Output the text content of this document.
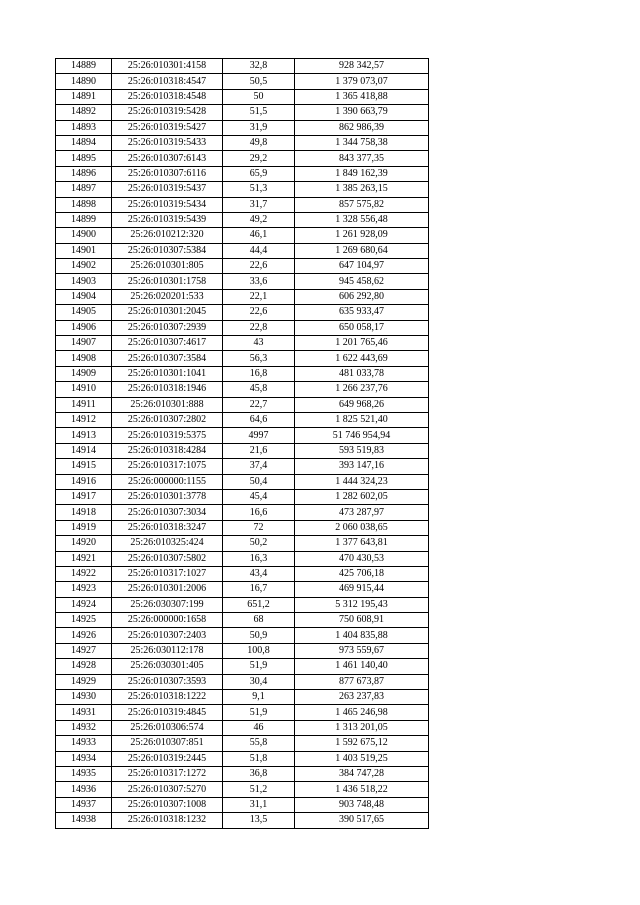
14889	25:26:010301:4158	32,8	928 342,57
14890	25:26:010318:4547	50,5	1 379 073,07
14891	25:26:010318:4548	50	1 365 418,88
14892	25:26:010319:5428	51,5	1 390 663,79
14893	25:26:010319:5427	31,9	862 986,39
14894	25:26:010319:5433	49,8	1 344 758,38
14895	25:26:010307:6143	29,2	843 377,35
14896	25:26:010307:6116	65,9	1 849 162,39
14897	25:26:010319:5437	51,3	1 385 263,15
14898	25:26:010319:5434	31,7	857 575,82
14899	25:26:010319:5439	49,2	1 328 556,48
14900	25:26:010212:320	46,1	1 261 928,09
14901	25:26:010307:5384	44,4	1 269 680,64
14902	25:26:010301:805	22,6	647 104,97
14903	25:26:010301:1758	33,6	945 458,62
14904	25:26:020201:533	22,1	606 292,80
14905	25:26:010301:2045	22,6	635 933,47
14906	25:26:010307:2939	22,8	650 058,17
14907	25:26:010307:4617	43	1 201 765,46
14908	25:26:010307:3584	56,3	1 622 443,69
14909	25:26:010301:1041	16,8	481 033,78
14910	25:26:010318:1946	45,8	1 266 237,76
14911	25:26:010301:888	22,7	649 968,26
14912	25:26:010307:2802	64,6	1 825 521,40
14913	25:26:010319:5375	4997	51 746 954,94
14914	25:26:010318:4284	21,6	593 519,83
14915	25:26:010317:1075	37,4	393 147,16
14916	25:26:000000:1155	50,4	1 444 324,23
14917	25:26:010301:3778	45,4	1 282 602,05
14918	25:26:010307:3034	16,6	473 287,97
14919	25:26:010318:3247	72	2 060 038,65
14920	25:26:010325:424	50,2	1 377 643,81
14921	25:26:010307:5802	16,3	470 430,53
14922	25:26:010317:1027	43,4	425 706,18
14923	25:26:010301:2006	16,7	469 915,44
14924	25:26:030307:199	651,2	5 312 195,43
14925	25:26:000000:1658	68	750 608,91
14926	25:26:010307:2403	50,9	1 404 835,88
14927	25:26:030112:178	100,8	973 559,67
14928	25:26:030301:405	51,9	1 461 140,40
14929	25:26:010307:3593	30,4	877 673,87
14930	25:26:010318:1222	9,1	263 237,83
14931	25:26:010319:4845	51,9	1 465 246,98
14932	25:26:010306:574	46	1 313 201,05
14933	25:26:010307:851	55,8	1 592 675,12
14934	25:26:010319:2445	51,8	1 403 519,25
14935	25:26:010317:1272	36,8	384 747,28
14936	25:26:010307:5270	51,2	1 436 518,22
14937	25:26:010307:1008	31,1	903 748,48
14938	25:26:010318:1232	13,5	390 517,65
